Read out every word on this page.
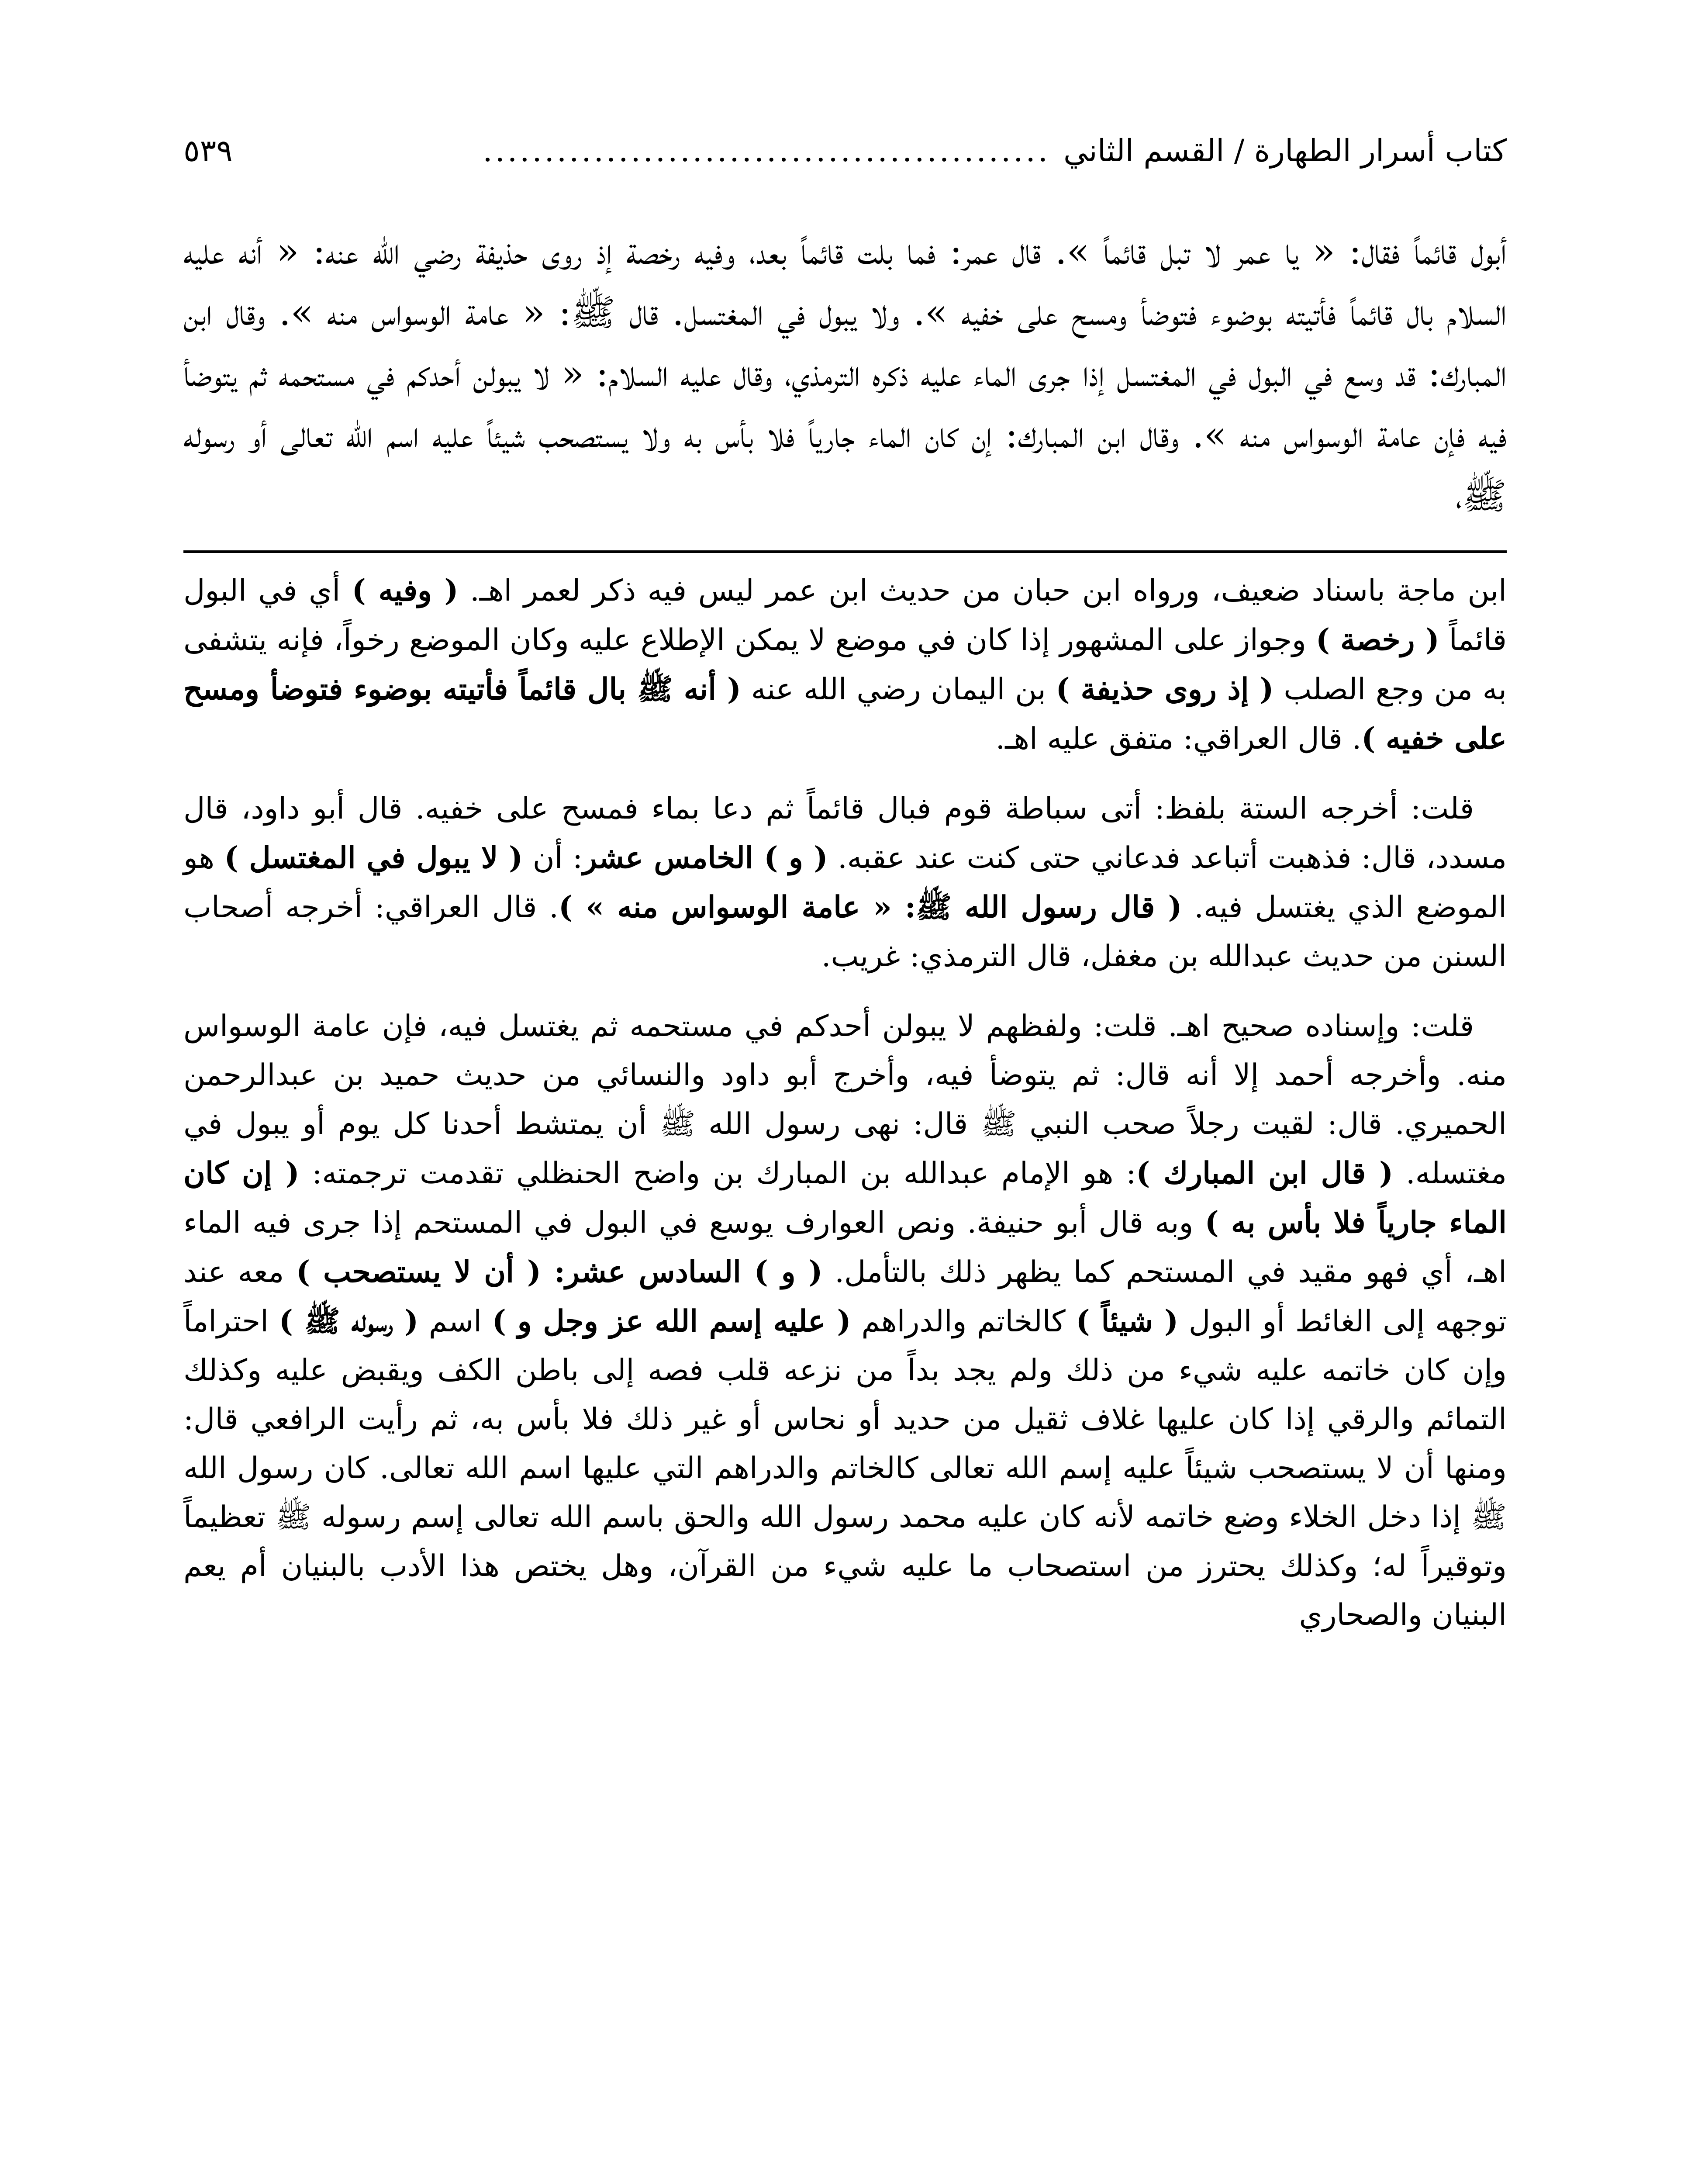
كتاب أسرار الطهارة / القسم الثاني
..............................................
٥٣٩

أبول قائماً فقال: « يا عمر لا تبل قائماً ». قال عمر: فما بلت قائماً بعد، وفيه رخصة إذ روى حذيفة رضي الله عنه: « أنه عليه السلام بال قائماً فأتيته بوضوء فتوضأ ومسح على خفيه ». ولا يبول في المغتسل. قال ﷺ: « عامة الوسواس منه ». وقال ابن المبارك: قد وسع في البول في المغتسل إذا جرى الماء عليه ذكره الترمذي، وقال عليه السلام: « لا يبولن أحدكم في مستحمه ثم يتوضأ فيه فإن عامة الوسواس منه ». وقال ابن المبارك: إن كان الماء جارياً فلا بأس به ولا يستصحب شيئاً عليه اسم الله تعالى أو رسوله ﷺ،

ابن ماجة باسناد ضعيف، ورواه ابن حبان من حديث ابن عمر ليس فيه ذكر لعمر اهـ. ( وفيه ) أي في البول قائماً ( رخصة ) وجواز على المشهور إذا كان في موضع لا يمكن الإطلاع عليه وكان الموضع رخواً، فإنه يتشفى به من وجع الصلب ( إذ روى حذيفة ) بن اليمان رضي الله عنه ( أنه ﷺ بال قائماً فأتيته بوضوء فتوضأ ومسح على خفيه ). قال العراقي: متفق عليه اهـ.

قلت: أخرجه الستة بلفظ: أتى سباطة قوم فبال قائماً ثم دعا بماء فمسح على خفيه. قال أبو داود، قال مسدد، قال: فذهبت أتباعد فدعاني حتى كنت عند عقبه. ( و ) الخامس عشر: أن ( لا يبول في المغتسل ) هو الموضع الذي يغتسل فيه. ( قال رسول الله ﷺ: « عامة الوسواس منه » ). قال العراقي: أخرجه أصحاب السنن من حديث عبدالله بن مغفل، قال الترمذي: غريب.

قلت: وإسناده صحيح اهـ. قلت: ولفظهم لا يبولن أحدكم في مستحمه ثم يغتسل فيه، فإن عامة الوسواس منه. وأخرجه أحمد إلا أنه قال: ثم يتوضأ فيه، وأخرج أبو داود والنسائي من حديث حميد بن عبدالرحمن الحميري. قال: لقيت رجلاً صحب النبي ﷺ قال: نهى رسول الله ﷺ أن يمتشط أحدنا كل يوم أو يبول في مغتسله. ( قال ابن المبارك ): هو الإمام عبدالله بن المبارك بن واضح الحنظلي تقدمت ترجمته: ( إن كان الماء جارياً فلا بأس به ) وبه قال أبو حنيفة. ونص العوارف يوسع في البول في المستحم إذا جرى فيه الماء اهـ، أي فهو مقيد في المستحم كما يظهر ذلك بالتأمل. ( و ) السادس عشر: ( أن لا يستصحب ) معه عند توجهه إلى الغائط أو البول ( شيئاً ) كالخاتم والدراهم ( عليه إسم الله عز وجل و ) اسم ( رسوله ﷺ ) احتراماً وإن كان خاتمه عليه شيء من ذلك ولم يجد بداً من نزعه قلب فصه إلى باطن الكف ويقبض عليه وكذلك التمائم والرقي إذا كان عليها غلاف ثقيل من حديد أو نحاس أو غير ذلك فلا بأس به، ثم رأيت الرافعي قال: ومنها أن لا يستصحب شيئاً عليه إسم الله تعالى كالخاتم والدراهم التي عليها اسم الله تعالى. كان رسول الله ﷺ إذا دخل الخلاء وضع خاتمه لأنه كان عليه محمد رسول الله والحق باسم الله تعالى إسم رسوله ﷺ تعظيماً وتوقيراً له؛ وكذلك يحترز من استصحاب ما عليه شيء من القرآن، وهل يختص هذا الأدب بالبنيان أم يعم البنيان والصحاري
